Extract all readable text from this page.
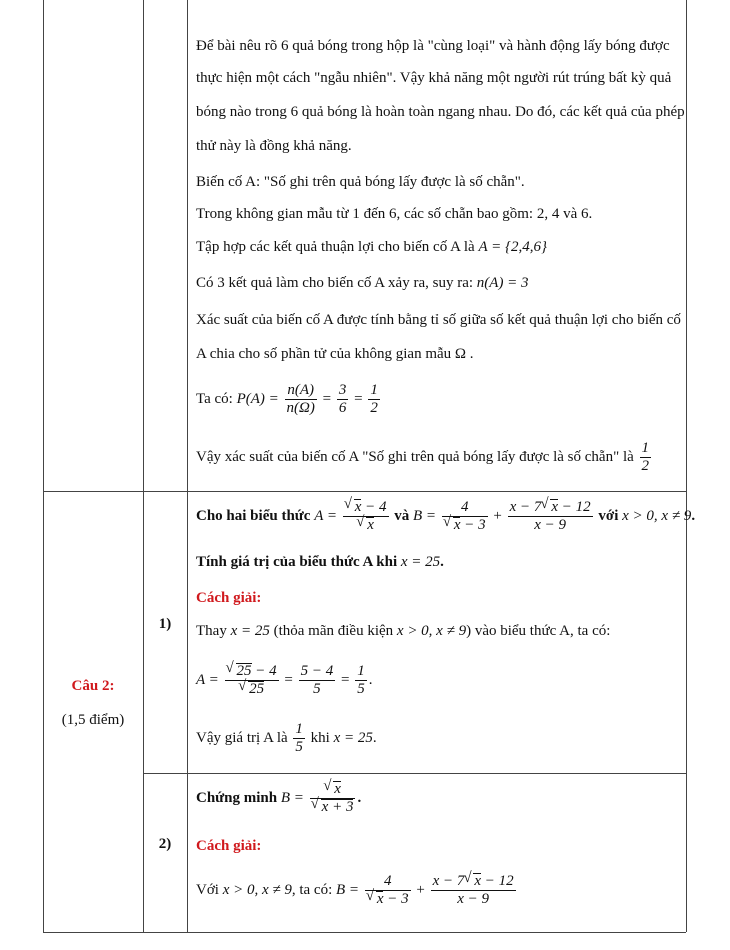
Để bài nêu rõ 6 quả bóng trong hộp là "cùng loại" và hành động lấy bóng được
thực hiện một cách "ngẫu nhiên". Vậy khả năng một người rút trúng bất kỳ quả
bóng nào trong 6 quả bóng là hoàn toàn ngang nhau. Do đó, các kết quả của phép
thử này là đồng khả năng.
Biến cố A: "Số ghi trên quả bóng lấy được là số chẵn".
Trong không gian mẫu từ 1 đến 6, các số chẵn bao gồm: 2, 4 và 6.
Tập hợp các kết quả thuận lợi cho biến cố A là A = {2,4,6}
Có 3 kết quả làm cho biến cố A xảy ra, suy ra: n(A) = 3
Xác suất của biến cố A được tính bằng tỉ số giữa số kết quả thuận lợi cho biến cố
A chia cho số phần tử của không gian mẫu Ω .
Ta có: $P(A) = \frac{n(A)}{n(\Omega)} = \frac{3}{6} = \frac{1}{2}$
Vậy xác suất của biến cố A "Số ghi trên quả bóng lấy được là số chẵn" là $\frac{1}{2}$
Câu 2:
(1,5 điểm)
1)
Cho hai biểu thức A = √ x − 4
√ x và B = 4
√ $x - 3 + \frac{x - 7 √ x - 12}{x - 9}$ với x > 0, x ≠ 9.
Tính giá trị của biểu thức A khi x = 25.
Cách giải:
Thay x = 25 (thỏa mãn điều kiện x > 0, x ≠ 9) vào biểu thức A, ta có:
A = √ 25 − 4
√ $25 = \frac{5 - 4}{5} = \frac{1}{5}$ .
Vậy giá trị A là $\frac{1}{5}$ khi x = 25.
2)
Chứng minh B = √ x
√ x + 3 .
Cách giải:
Với x > 0, x ≠ 9, ta có: B = 4
√ $x - 3 + \frac{x - 7 √ x - 12}{x - 9}$
